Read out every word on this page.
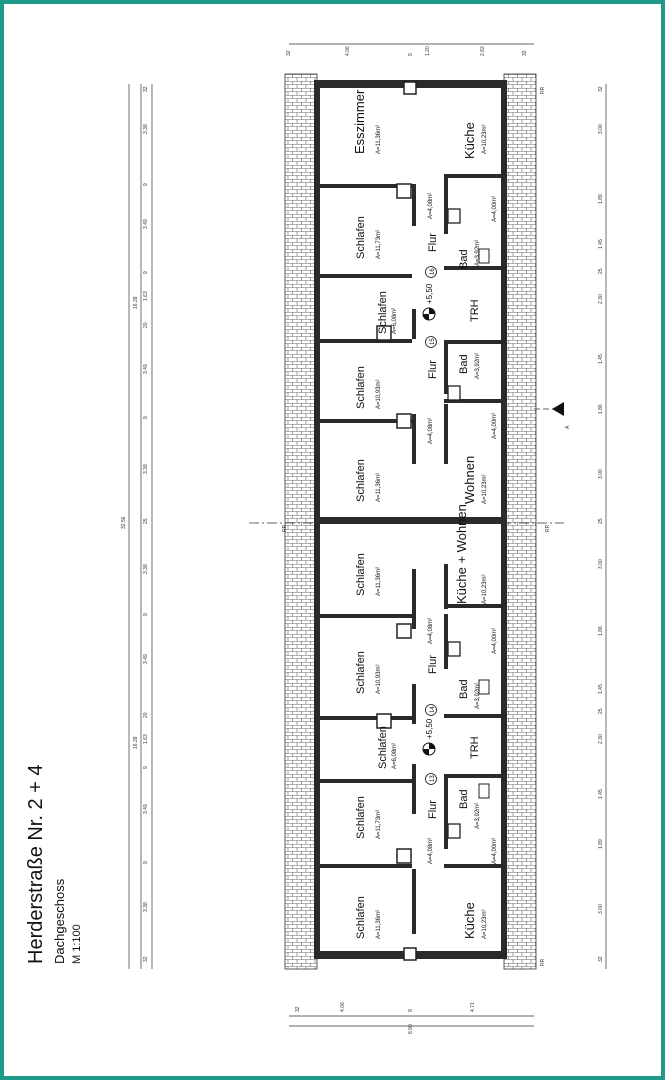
Herderstraße Nr. 2 + 4 Dachgeschoss M 1:100
32
3.38
9
3.49
9
1.63
20
3.49
9
3.38
25
3.38
9
3.49
20
1.63
9
3.49
9
3.38
32
32
3.00
1.89
1.45
25
2.30
1.45
1.86
3.00
25
3.00
1.86
1.45
25
2.30
1.45
1.89
3.00
32
32	4.06	9 1.20	2.82	32
32	4.06	9	4.71
8.90
16.28
32.56
16.28
RR
RR
RR	RR
A
+5,50
+5,50
16
15
14
13
Esszimmer A=11,36m²	Küche A=10,23m²
Schlafen A=11,73m²	Flur
A=4,08m²
Bad A=3,92m²
A=4,00m²
Schlafen A=6,08m²	TRH
Schlafen A=10,93m²
Flur
A=4,08m²
Bad A=3,92m²
A=4,00m²
Schlafen A=11,36m²	Wohnen A=10,23m²
Schlafen A=11,36m²	Küche + Wohnen A=10,23m²
Flur
A=4,08m²	A=4,00m²
Schlafen A=10,93m²	Bad A=3,92m²
Schlafen A=6,08m²	TRH
Schlafen A=11,73m²
Flur
A=4,08m²
Bad
A=3,92m²
A=4,00m²
Schlafen A=11,36m²	Küche A=10,23m²
